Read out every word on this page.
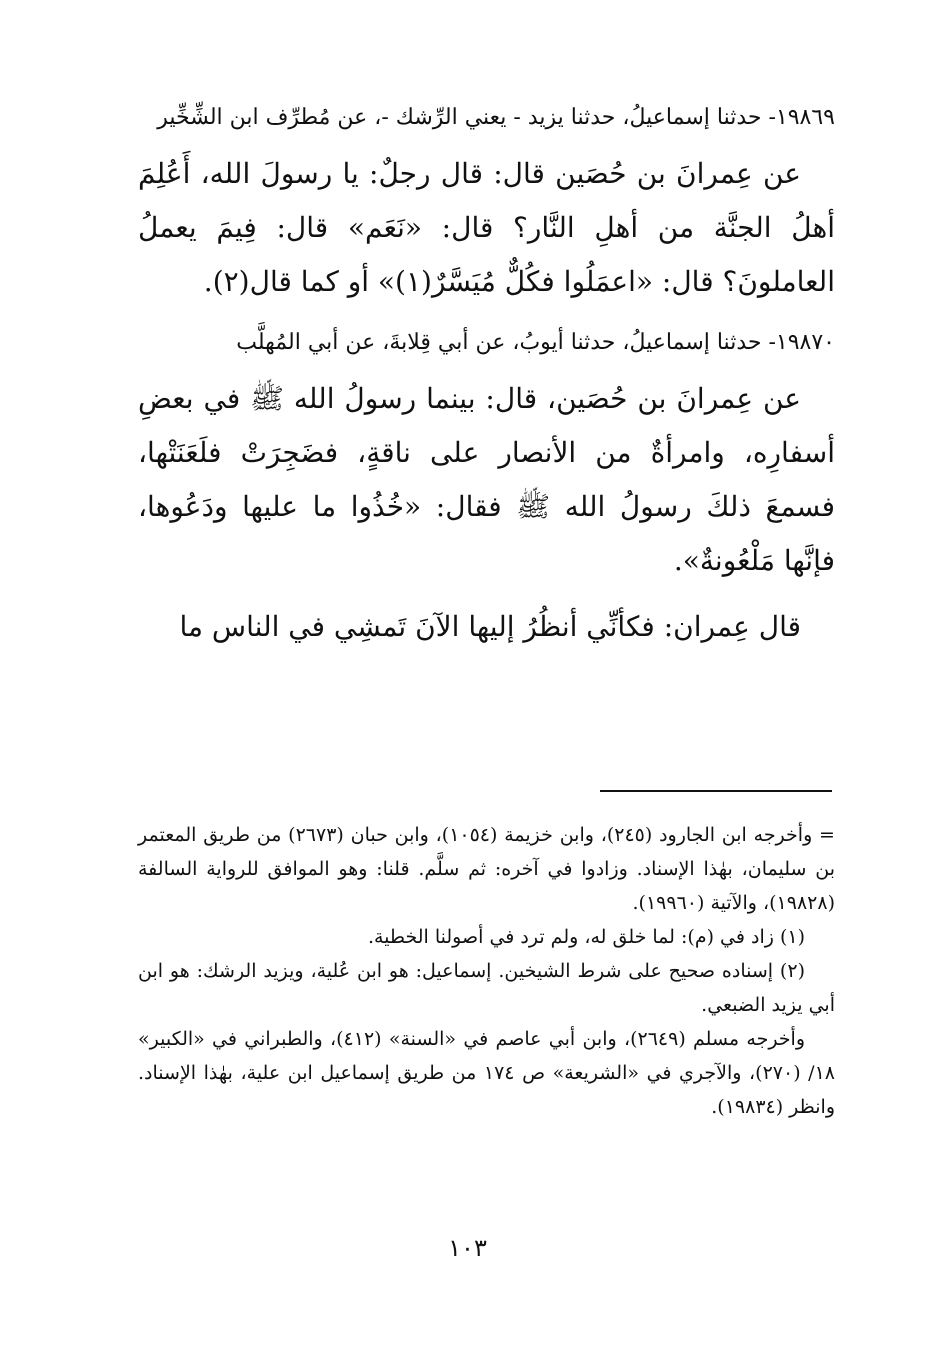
١٩٨٦٩- حدثنا إسماعيلُ، حدثنا يزيد - يعني الرِّشك -، عن مُطرِّف ابن الشِّخِّير

عن عِمرانَ بن حُصَين قال: قال رجلٌ: يا رسولَ الله، أَعُلِمَ أهلُ الجنَّة من أهلِ النَّار؟ قال: «نَعَم» قال: فِيمَ يعملُ العاملونَ؟ قال: «اعمَلُوا فكُلٌّ مُيَسَّرٌ(١)» أو كما قال(٢).

١٩٨٧٠- حدثنا إسماعيلُ، حدثنا أيوبُ، عن أبي قِلابةَ، عن أبي المُهلَّب

عن عِمرانَ بن حُصَين، قال: بينما رسولُ الله ﷺ في بعضِ أسفارِه، وامرأةٌ من الأنصار على ناقةٍ، فضَجِرَتْ فلَعَنَتْها، فسمعَ ذلكَ رسولُ الله ﷺ فقال: «خُذُوا ما عليها ودَعُوها، فإنَّها مَلْعُونةٌ».

قال عِمران: فكأنِّي أنظُرُ إليها الآنَ تَمشِي في الناس ما

= وأخرجه ابن الجارود (٢٤٥)، وابن خزيمة (١٠٥٤)، وابن حبان (٢٦٧٣) من طريق المعتمر بن سليمان، بهٰذا الإسناد. وزادوا في آخره: ثم سلَّم. قلنا: وهو الموافق للرواية السالفة (١٩٨٢٨)، والآتية (١٩٩٦٠).

(١) زاد في (م): لما خلق له، ولم ترد في أصولنا الخطية.

(٢) إسناده صحيح على شرط الشيخين. إسماعيل: هو ابن عُلية، ويزيد الرشك: هو ابن أبي يزيد الضبعي.

وأخرجه مسلم (٢٦٤٩)، وابن أبي عاصم في «السنة» (٤١٢)، والطبراني في «الكبير» ١٨/ (٢٧٠)، والآجري في «الشريعة» ص ١٧٤ من طريق إسماعيل ابن علية، بهٰذا الإسناد. وانظر (١٩٨٣٤).

١٠٣
